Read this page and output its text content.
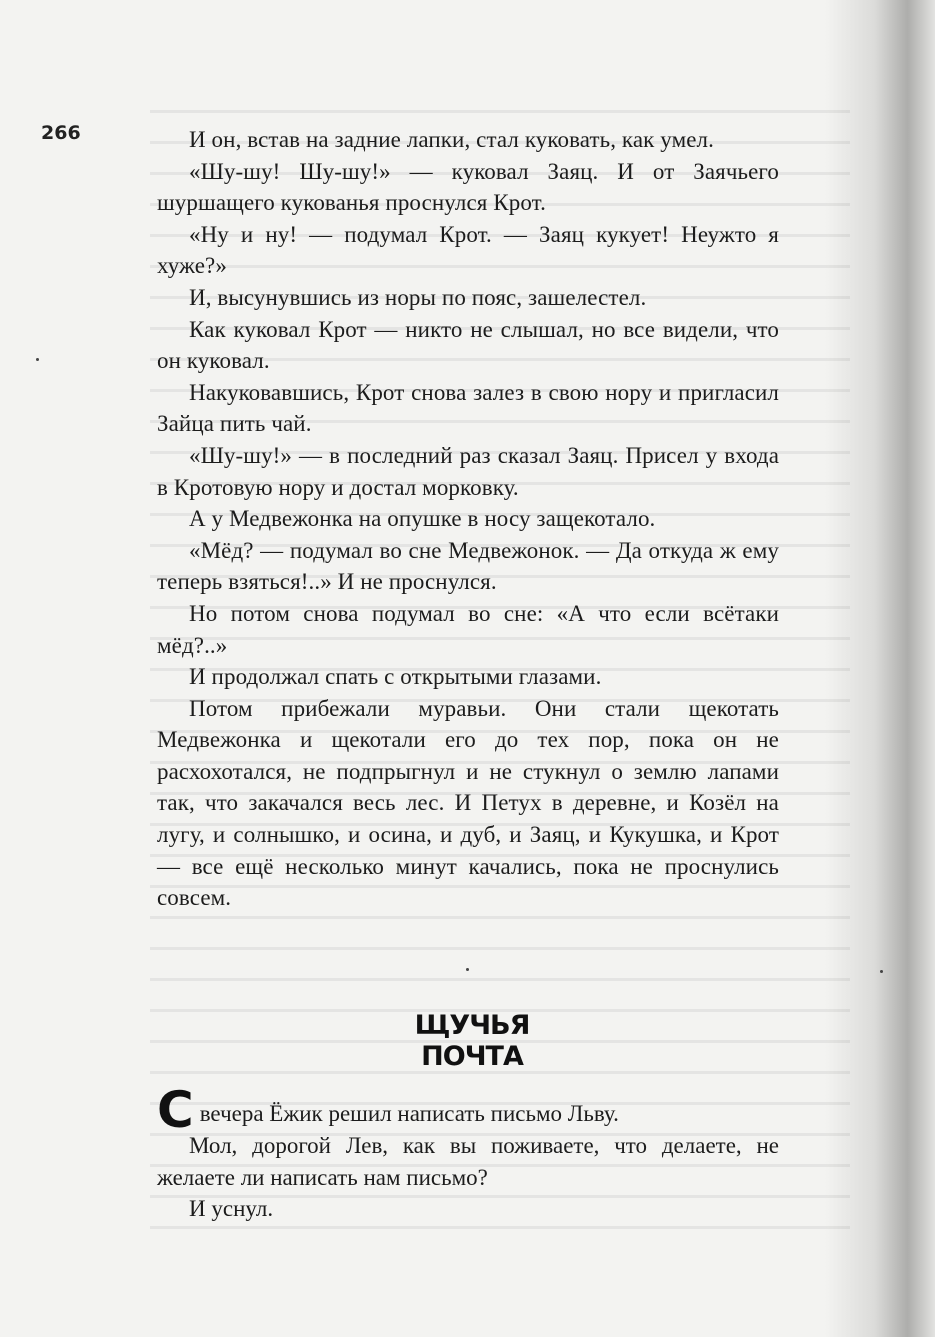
266	И он, встав на задние лапки, стал куковать, как умел.

«Шу-шу! Шу-шу!» — куковал Заяц. И от Заячьего шуршащего кукованья проснулся Крот.

«Ну и ну! — подумал Крот. — Заяц кукует! Неужто я хуже?»

И, высунувшись из норы по пояс, зашелестел.

Как куковал Крот — никто не слышал, но все видели, что он куковал.

Накуковавшись, Крот снова залез в свою нору и пригласил Зайца пить чай.

«Шу-шу!» — в последний раз сказал Заяц. Присел у входа в Кротовую нору и достал морковку.

А у Медвежонка на опушке в носу защекотало.

«Мёд? — подумал во сне Медвежонок. — Да откуда ж ему теперь взяться!..» И не проснулся.

Но потом снова подумал во сне: «А что если всётаки мёд?..»

И продолжал спать с открытыми глазами.

Потом прибежали муравьи. Они стали щекотать Медвежонка и щекотали его до тех пор, пока он не расхохотался, не подпрыгнул и не стукнул о землю лапами так, что закачался весь лес. И Петух в деревне, и Козёл на лугу, и солнышко, и осина, и дуб, и Заяц, и Кукушка, и Крот — все ещё несколько минут качались, пока не проснулись совсем.

ЩУЧЬЯ ПОЧТА

Свечера Ёжик решил написать письмо Льву.

Мол, дорогой Лев, как вы поживаете, что делаете, не желаете ли написать нам письмо?

И уснул.
